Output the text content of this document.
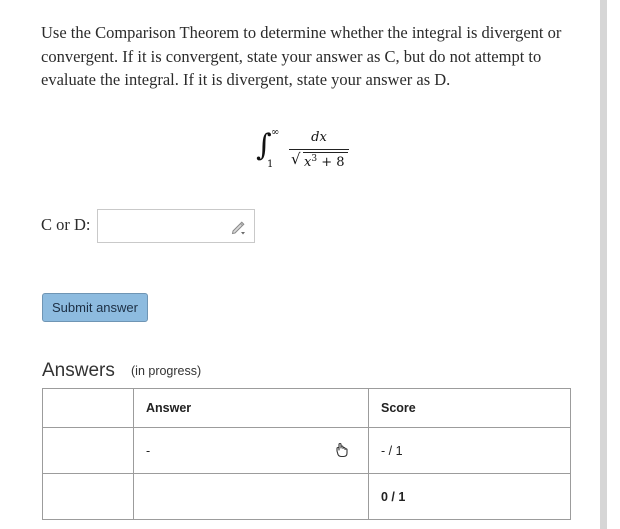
Use the Comparison Theorem to determine whether the integral is divergent or convergent. If it is convergent, state your answer as C, but do not attempt to evaluate the integral. If it is divergent, state your answer as D.
∫ ∞
1
dx
√ $x^3 + 8$
C or D:
Submit answer
Answers (in progress)
	Answer	Score
	-	- / 1
		0 / 1
